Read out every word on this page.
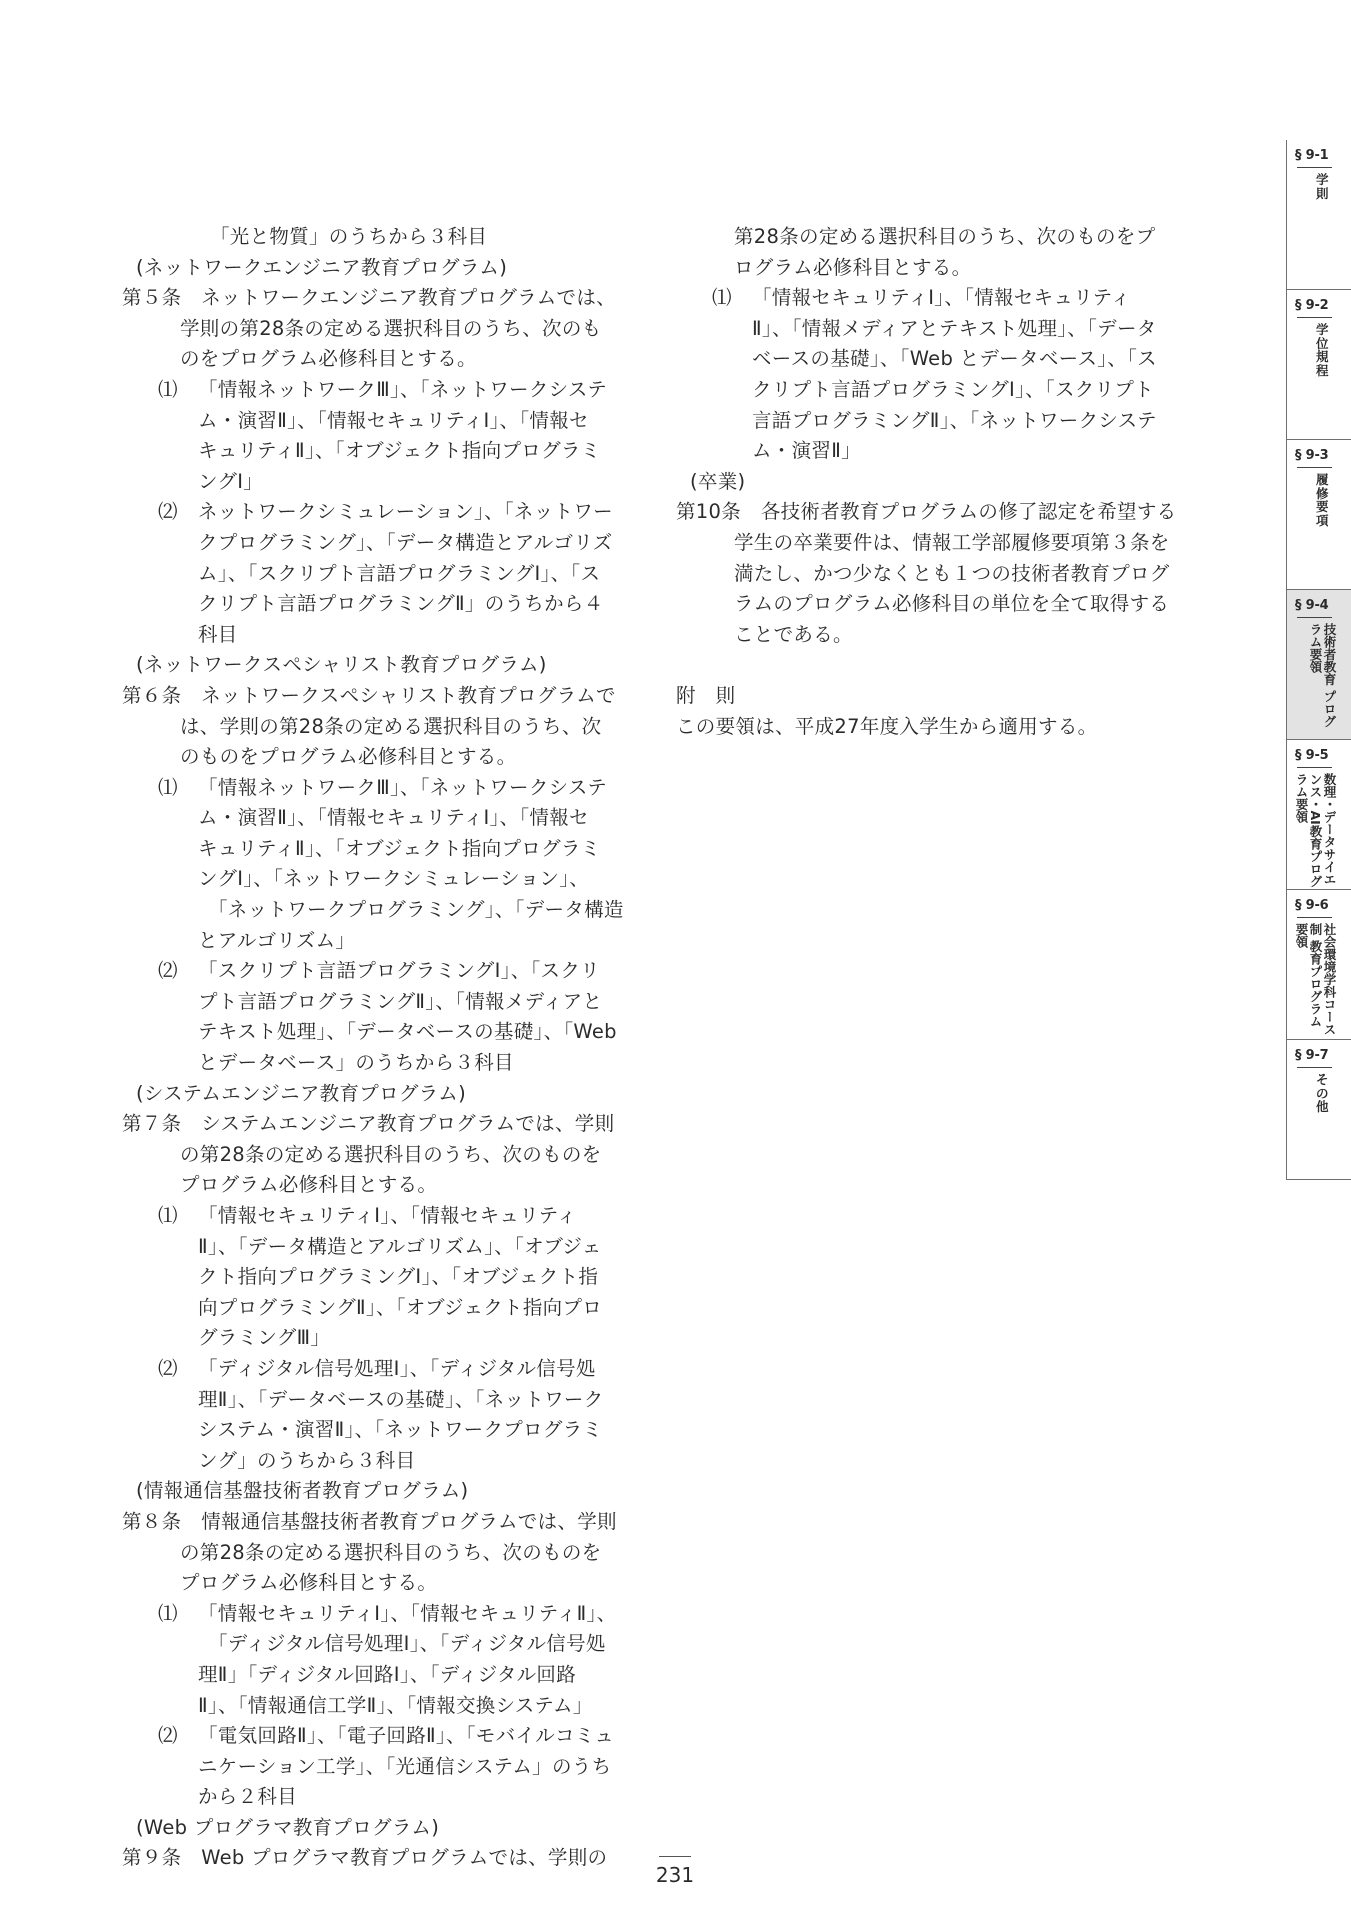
「光と物質」のうちから３科目
(ネットワークエンジニア教育プログラム)
第５条　ネットワークエンジニア教育プログラムでは、
学則の第28条の定める選択科目のうち、次のも
のをプログラム必修科目とする。
⑴ 「情報ネットワークⅢ」、「ネットワークシステ
ム・演習Ⅱ」、「情報セキュリティⅠ」、「情報セ
キュリティⅡ」、「オブジェクト指向プログラミ
ングⅠ」
⑵ ネットワークシミュレーション」、「ネットワー
クプログラミング」、「データ構造とアルゴリズ
ム」、「スクリプト言語プログラミングⅠ」、「ス
クリプト言語プログラミングⅡ」のうちから４
科目
(ネットワークスペシャリスト教育プログラム)
第６条　ネットワークスペシャリスト教育プログラムで
は、学則の第28条の定める選択科目のうち、次
のものをプログラム必修科目とする。
⑴ 「情報ネットワークⅢ」、「ネットワークシステ
ム・演習Ⅱ」、「情報セキュリティⅠ」、「情報セ
キュリティⅡ」、「オブジェクト指向プログラミ
ングⅠ」、「ネットワークシミュレーション」、
「ネットワークプログラミング」、「データ構造
とアルゴリズム」
⑵ 「スクリプト言語プログラミングⅠ」、「スクリ
プト言語プログラミングⅡ」、「情報メディアと
テキスト処理」、「データベースの基礎」、「Web
とデータベース」のうちから３科目
(システムエンジニア教育プログラム)
第７条　システムエンジニア教育プログラムでは、学則
の第28条の定める選択科目のうち、次のものを
プログラム必修科目とする。
⑴ 「情報セキュリティⅠ」、「情報セキュリティ
Ⅱ」、「データ構造とアルゴリズム」、「オブジェ
クト指向プログラミングⅠ」、「オブジェクト指
向プログラミングⅡ」、「オブジェクト指向プロ
グラミングⅢ」
⑵ 「ディジタル信号処理Ⅰ」、「ディジタル信号処
理Ⅱ」、「データベースの基礎」、「ネットワーク
システム・演習Ⅱ」、「ネットワークプログラミ
ング」のうちから３科目
(情報通信基盤技術者教育プログラム)
第８条　情報通信基盤技術者教育プログラムでは、学則
の第28条の定める選択科目のうち、次のものを
プログラム必修科目とする。
⑴ 「情報セキュリティⅠ」、「情報セキュリティⅡ」、
「ディジタル信号処理Ⅰ」、「ディジタル信号処
理Ⅱ」「ディジタル回路Ⅰ」、「ディジタル回路
Ⅱ」、「情報通信工学Ⅱ」、「情報交換システム」
⑵ 「電気回路Ⅱ」、「電子回路Ⅱ」、「モバイルコミュ
ニケーション工学」、「光通信システム」のうち
から２科目
(Web プログラマ教育プログラム)
第９条　Web プログラマ教育プログラムでは、学則の
第28条の定める選択科目のうち、次のものをプ
ログラム必修科目とする。
⑴ 「情報セキュリティⅠ」、「情報セキュリティ
Ⅱ」、「情報メディアとテキスト処理」、「データ
ベースの基礎」、「Web とデータベース」、「ス
クリプト言語プログラミングⅠ」、「スクリプト
言語プログラミングⅡ」、「ネットワークシステ
ム・演習Ⅱ」
(卒業)
第10条　各技術者教育プログラムの修了認定を希望する
学生の卒業要件は、情報工学部履修要項第３条を
満たし、かつ少なくとも１つの技術者教育プログ
ラムのプログラム必修科目の単位を全て取得する
ことである。
附　則
この要領は、平成27年度入学生から適用する。
231
§ 9-1
学則
§ 9-2
学位規程
§ 9-3
履修要項
§ 9-4
技術者教育 プログラム要領
§ 9-5
数理・データサイエンス・AI教育プログラム要領
§ 9-6
社会環境学科コース制 教育プログラム要領
§ 9-7
その他
